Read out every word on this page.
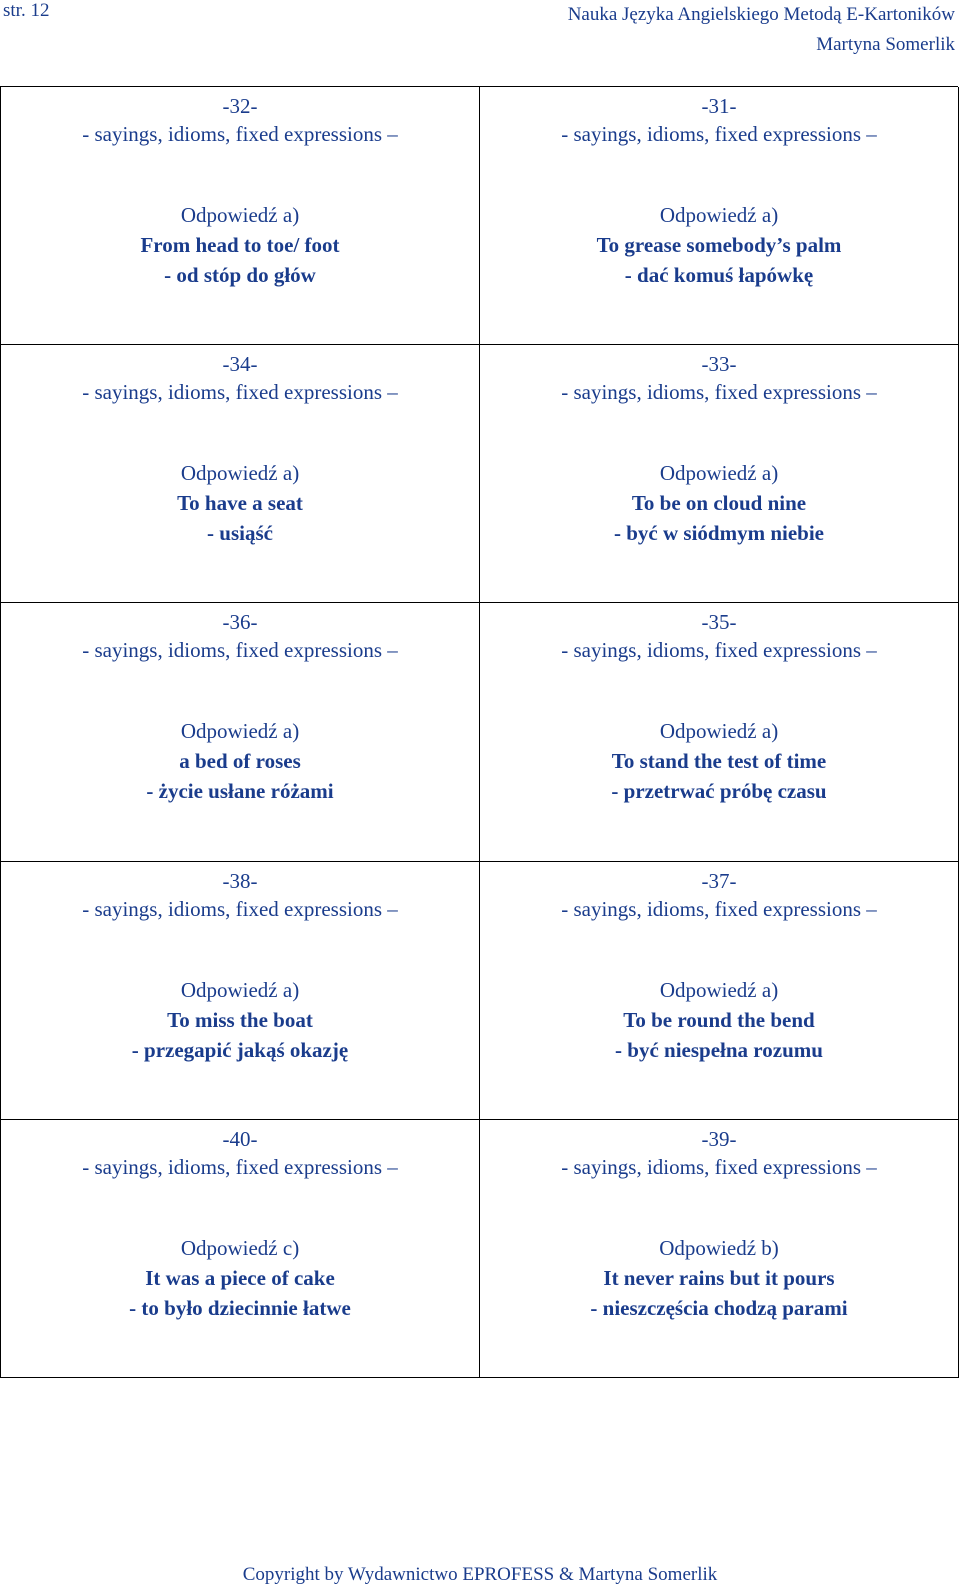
str. 12	Nauka Języka Angielskiego Metodą E-Kartoników
Martyna Somerlik
-32-
- sayings, idioms, fixed expressions –
Odpowiedź a)
From head to toe/ foot
- od stóp do głów
-31-
- sayings, idioms, fixed expressions –
Odpowiedź a)
To grease somebody’s palm
- dać komuś łapówkę
-34-
- sayings, idioms, fixed expressions –
Odpowiedź a)
To have a seat
- usiąść
-33-
- sayings, idioms, fixed expressions –
Odpowiedź a)
To be on cloud nine
- być w siódmym niebie
-36-
- sayings, idioms, fixed expressions –
Odpowiedź a)
a bed of roses
- życie usłane różami
-35-
- sayings, idioms, fixed expressions –
Odpowiedź a)
To stand the test of time
- przetrwać próbę czasu
-38-
- sayings, idioms, fixed expressions –
Odpowiedź a)
To miss the boat
- przegapić jakąś okazję
-37-
- sayings, idioms, fixed expressions –
Odpowiedź a)
To be round the bend
- być niespełna rozumu
-40-
- sayings, idioms, fixed expressions –
Odpowiedź c)
It was a piece of cake
- to było dziecinnie łatwe
-39-
- sayings, idioms, fixed expressions –
Odpowiedź b)
It never rains but it pours
- nieszczęścia chodzą parami
Copyright by Wydawnictwo EPROFESS & Martyna Somerlik
